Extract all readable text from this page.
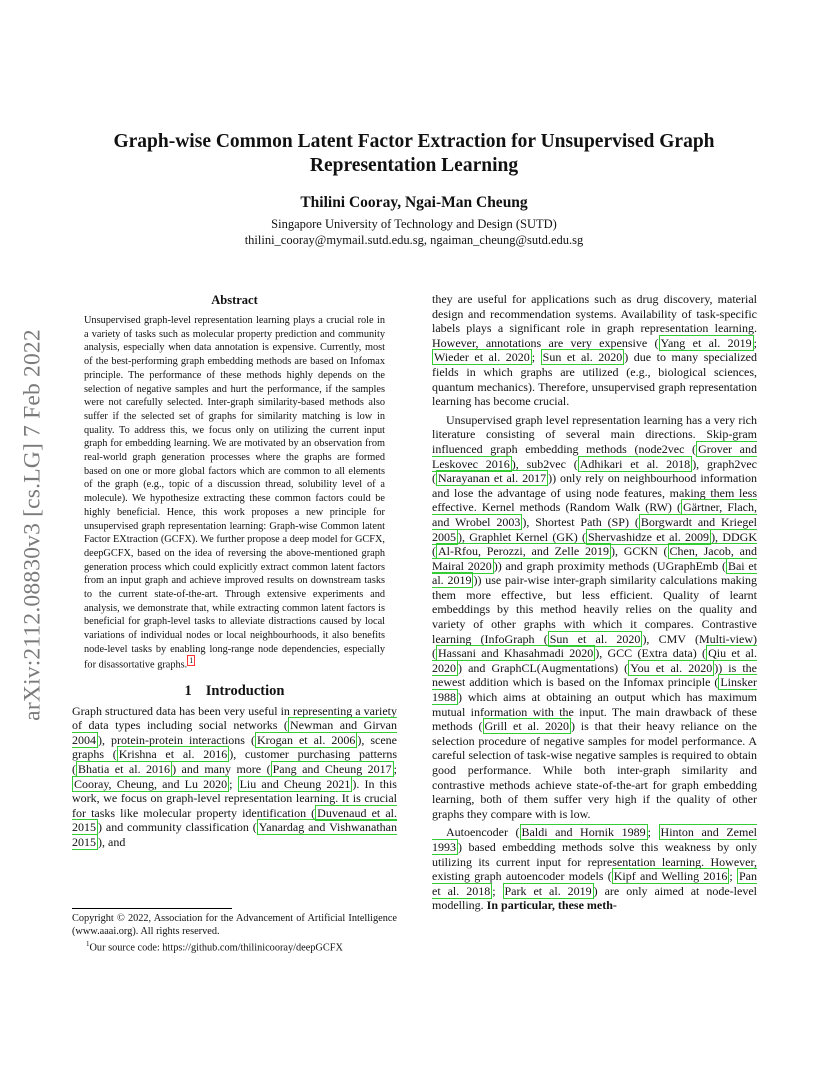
arXiv:2112.08830v3 [cs.LG] 7 Feb 2022
Graph-wise Common Latent Factor Extraction for Unsupervised Graph
Representation Learning

Thilini Cooray, Ngai-Man Cheung

Singapore University of Technology and Design (SUTD)
thilini_cooray@mymail.sutd.edu.sg, ngaiman_cheung@sutd.edu.sg
Abstract

Unsupervised graph-level representation learning plays a crucial role in a variety of tasks such as molecular property prediction and community analysis, especially when data annotation is expensive. Currently, most of the best-performing graph embedding methods are based on Infomax principle. The performance of these methods highly depends on the selection of negative samples and hurt the performance, if the samples were not carefully selected. Inter-graph similarity-based methods also suffer if the selected set of graphs for similarity matching is low in quality. To address this, we focus only on utilizing the current input graph for embedding learning. We are motivated by an observation from real-world graph generation processes where the graphs are formed based on one or more global factors which are common to all elements of the graph (e.g., topic of a discussion thread, solubility level of a molecule). We hypothesize extracting these common factors could be highly beneficial. Hence, this work proposes a new principle for unsupervised graph representation learning: Graph-wise Common latent Factor EXtraction (GCFX). We further propose a deep model for GCFX, deepGCFX, based on the idea of reversing the above-mentioned graph generation process which could explicitly extract common latent factors from an input graph and achieve improved results on downstream tasks to the current state-of-the-art. Through extensive experiments and analysis, we demonstrate that, while extracting common latent factors is beneficial for graph-level tasks to alleviate distractions caused by local variations of individual nodes or local neighbourhoods, it also benefits node-level tasks by enabling long-range node dependencies, especially for disassortative graphs. $^1$

1 Introduction

Graph structured data has been very useful in representing a variety of data types including social networks ( Newman and Girvan 2004 ), protein-protein interactions ( Krogan et al. 2006 ), scene graphs ( Krishna et al. 2016 ), customer purchasing patterns ( Bhatia et al. 2016 ) and many more ( Pang and Cheung 2017 ; Cooray, Cheung, and Lu 2020 ; Liu and Cheung 2021 ). In this work, we focus on graph-level representation learning. It is crucial for tasks like molecular property identification ( Duvenaud et al. 2015 ) and community classification ( Yanardag and Vishwanathan 2015 ), and

Copyright © 2022, Association for the Advancement of Artificial Intelligence (www.aaai.org). All rights reserved.

$^1$Our source code: https://github.com/thilinicooray/deepGCFX

they are useful for applications such as drug discovery, material design and recommendation systems. Availability of task-specific labels plays a significant role in graph representation learning. However, annotations are very expensive ( Yang et al. 2019 ; Wieder et al. 2020 ; Sun et al. 2020 ) due to many specialized fields in which graphs are utilized (e.g., biological sciences, quantum mechanics). Therefore, unsupervised graph representation learning has become crucial.

Unsupervised graph level representation learning has a very rich literature consisting of several main directions. Skip-gram influenced graph embedding methods (node2vec ( Grover and Leskovec 2016 ), sub2vec ( Adhikari et al. 2018 ), graph2vec ( Narayanan et al. 2017 )) only rely on neighbourhood information and lose the advantage of using node features, making them less effective. Kernel methods (Random Walk (RW) ( Gärtner, Flach, and Wrobel 2003 ), Shortest Path (SP) ( Borgwardt and Kriegel 2005 ), Graphlet Kernel (GK) ( Shervashidze et al. 2009 ), DDGK ( Al-Rfou, Perozzi, and Zelle 2019 ), GCKN ( Chen, Jacob, and Mairal 2020 )) and graph proximity methods (UGraphEmb ( Bai et al. 2019 )) use pair-wise inter-graph similarity calculations making them more effective, but less efficient. Quality of learnt embeddings by this method heavily relies on the quality and variety of other graphs with which it compares. Contrastive learning (InfoGraph ( Sun et al. 2020 ), CMV (Multi-view) ( Hassani and Khasahmadi 2020 ), GCC (Extra data) ( Qiu et al. 2020 ) and GraphCL(Augmentations) ( You et al. 2020 )) is the newest addition which is based on the Infomax principle ( Linsker 1988 ) which aims at obtaining an output which has maximum mutual information with the input. The main drawback of these methods ( Grill et al. 2020 ) is that their heavy reliance on the selection procedure of negative samples for model performance. A careful selection of task-wise negative samples is required to obtain good performance. While both inter-graph similarity and contrastive methods achieve state-of-the-art for graph embedding learning, both of them suffer very high if the quality of other graphs they compare with is low.

Autoencoder ( Baldi and Hornik 1989 ; Hinton and Zemel 1993 ) based embedding methods solve this weakness by only utilizing its current input for representation learning. However, existing graph autoencoder models ( Kipf and Welling 2016 ; Pan et al. 2018 ; Park et al. 2019 ) are only aimed at node-level modelling. In particular, these meth-
